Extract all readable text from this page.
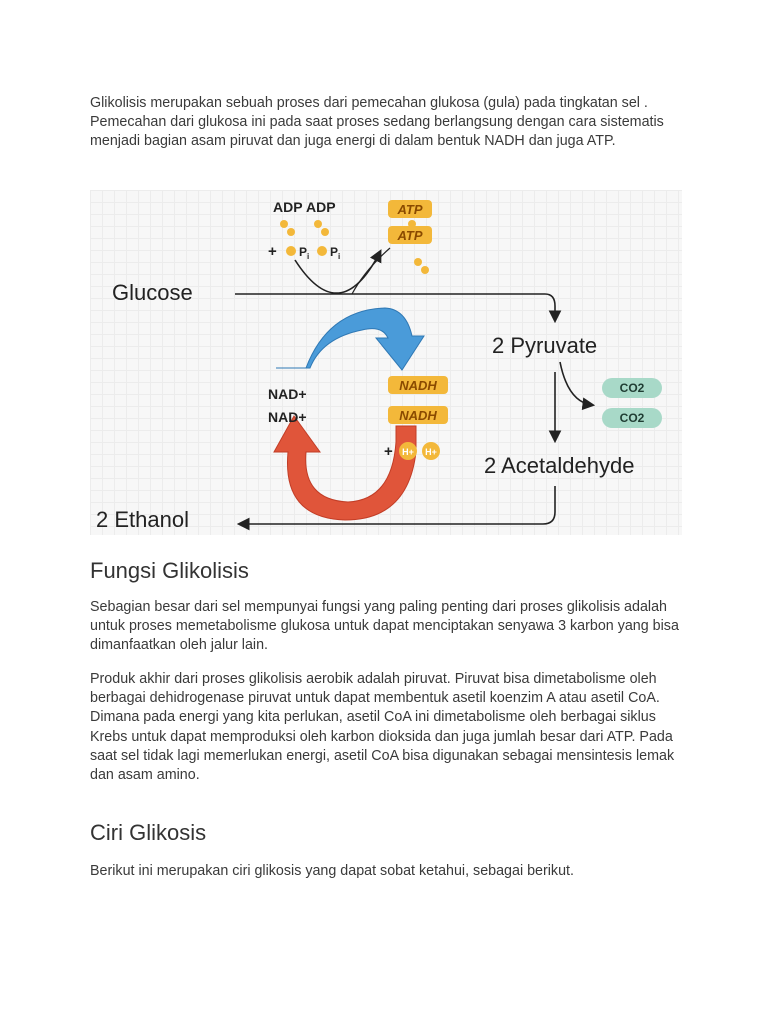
Glikolisis merupakan sebuah proses dari pemecahan glukosa (gula) pada tingkatan sel . Pemecahan dari glukosa ini pada saat proses sedang berlangsung dengan cara sistematis menjadi bagian asam piruvat dan juga energi di dalam bentuk NADH dan juga ATP.

ADP ADP
+ $P_i$ $P_i$
ATP
ATP
Glucose
2 Pyruvate
2 Acetaldehyde
2 Ethanol
NAD+
NAD+
NADH
NADH
+ H+ H+
CO2
CO2
Fungsi Glikolisis

Sebagian besar dari sel mempunyai fungsi yang paling penting dari proses glikolisis adalah untuk proses memetabolisme glukosa untuk dapat menciptakan senyawa 3 karbon yang bisa dimanfaatkan oleh jalur lain.

Produk akhir dari proses glikolisis aerobik adalah piruvat. Piruvat bisa dimetabolisme oleh berbagai dehidrogenase piruvat untuk dapat membentuk asetil koenzim A atau asetil CoA. Dimana pada energi yang kita perlukan, asetil CoA ini dimetabolisme oleh berbagai siklus Krebs untuk dapat memproduksi oleh karbon dioksida dan juga jumlah besar dari ATP. Pada saat sel tidak lagi memerlukan energi, asetil CoA bisa digunakan sebagai mensintesis lemak dan asam amino.

Ciri Glikosis

Berikut ini merupakan ciri glikosis yang dapat sobat ketahui, sebagai berikut.
